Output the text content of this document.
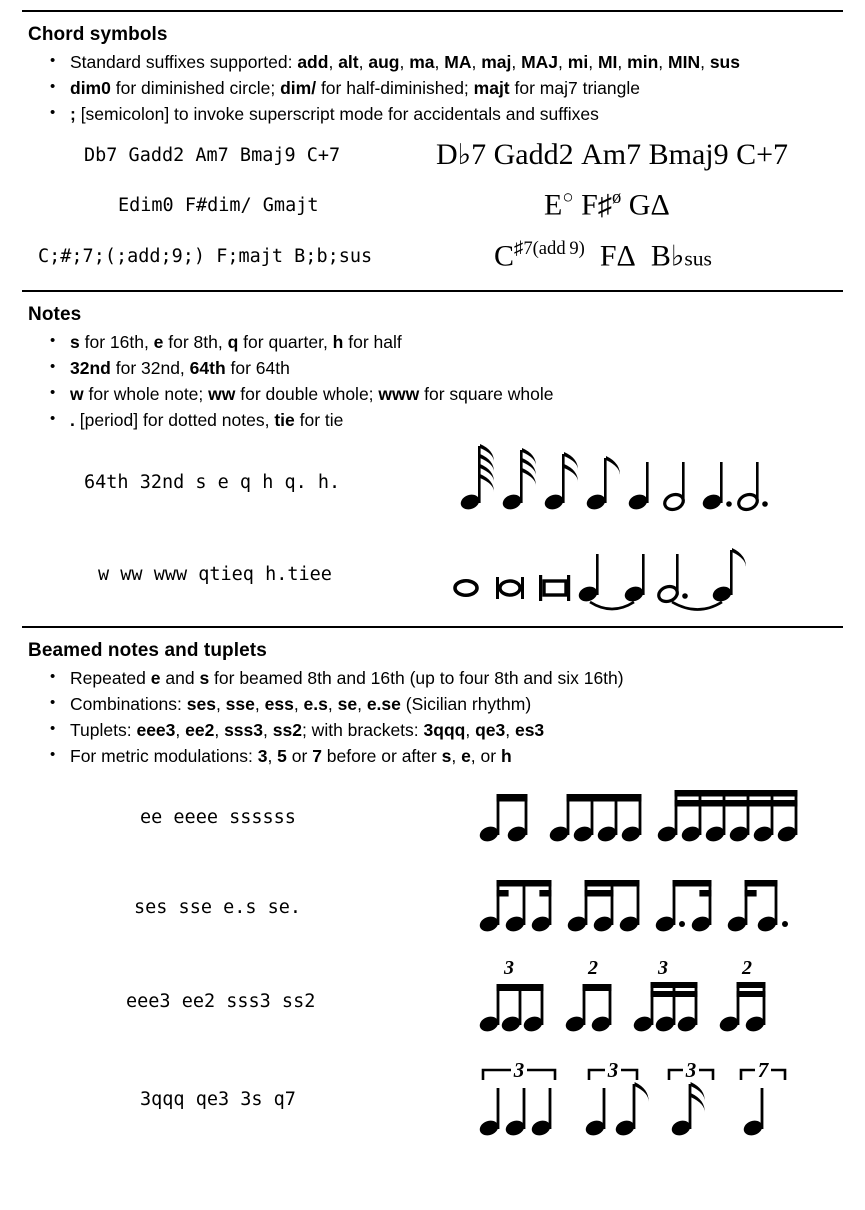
Chord symbols
• Standard suffixes supported: add, alt, aug, ma, MA, maj, MAJ, mi, MI, min, MIN, sus
• dim0 for diminished circle; dim/ for half-diminished; majt for maj7 triangle
• ; [semicolon] to invoke superscript mode for accidentals and suffixes
Db7 Gadd2 Am7 Bmaj9 C+7	D♭7 Gadd2 Am7 Bmaj9 C+7
Edim0 F#dim/ Gmajt	E○ F♯$^ø$ GΔ
C;#;7;(;add;9;) F;majt B;b;sus	$C^{♯7(add 9)}$  FΔ  B♭sus
Notes
• s for 16th, e for 8th, q for quarter, h for half
• 32nd for 32nd, 64th for 64th
• w for whole note; ww for double whole; www for square whole
• . [period] for dotted notes, tie for tie
64th 32nd s e q h q. h.
w ww www qtieq h.tiee
Beamed notes and tuplets
• Repeated e and s for beamed 8th and 16th (up to four 8th and six 16th)
• Combinations: ses, sse, ess, e.s, se, e.se (Sicilian rhythm)
• Tuplets: eee3, ee2, sss3, ss2; with brackets: 3qqq, qe3, es3
• For metric modulations: 3, 5 or 7 before or after s, e, or h
ee eeee ssssss
ses sse e.s se.
eee3 ee2 sss3 ss2
3	2	3	2
3qqq qe3 3s q7
3	3	3	7
